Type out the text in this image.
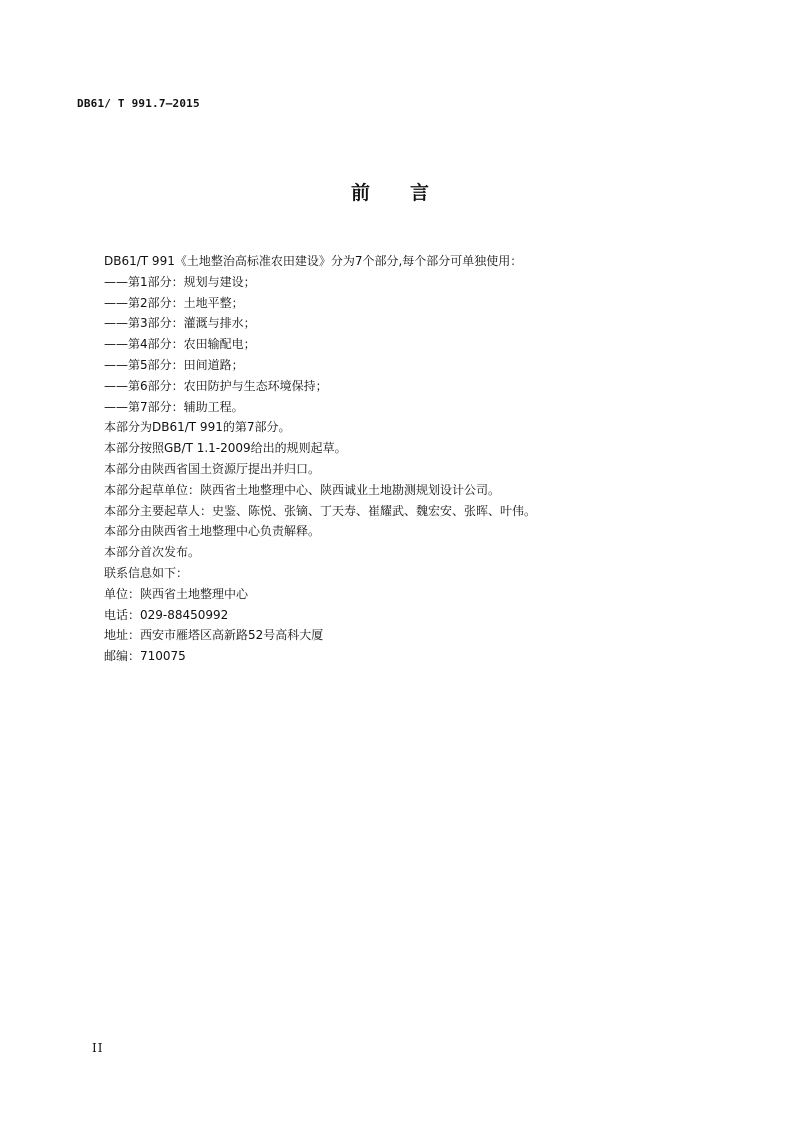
DB61/ T 991.7—2015
前言

DB61/T 991《土地整治高标准农田建设》分为7个部分,每个部分可单独使用：

——第1部分：规划与建设；

——第2部分：土地平整；

——第3部分：灌溉与排水；

——第4部分：农田输配电；

——第5部分：田间道路；

——第6部分：农田防护与生态环境保持；

——第7部分：辅助工程。

本部分为DB61/T 991的第7部分。

本部分按照GB/T 1.1-2009给出的规则起草。

本部分由陕西省国土资源厅提出并归口。

本部分起草单位：陕西省土地整理中心、陕西诚业土地勘测规划设计公司。

本部分主要起草人：史鉴、陈悦、张镝、丁天寿、崔耀武、魏宏安、张晖、叶伟。

本部分由陕西省土地整理中心负责解释。

本部分首次发布。

联系信息如下：

单位：陕西省土地整理中心

电话：029-88450992

地址：西安市雁塔区高新路52号高科大厦

邮编：710075

II
